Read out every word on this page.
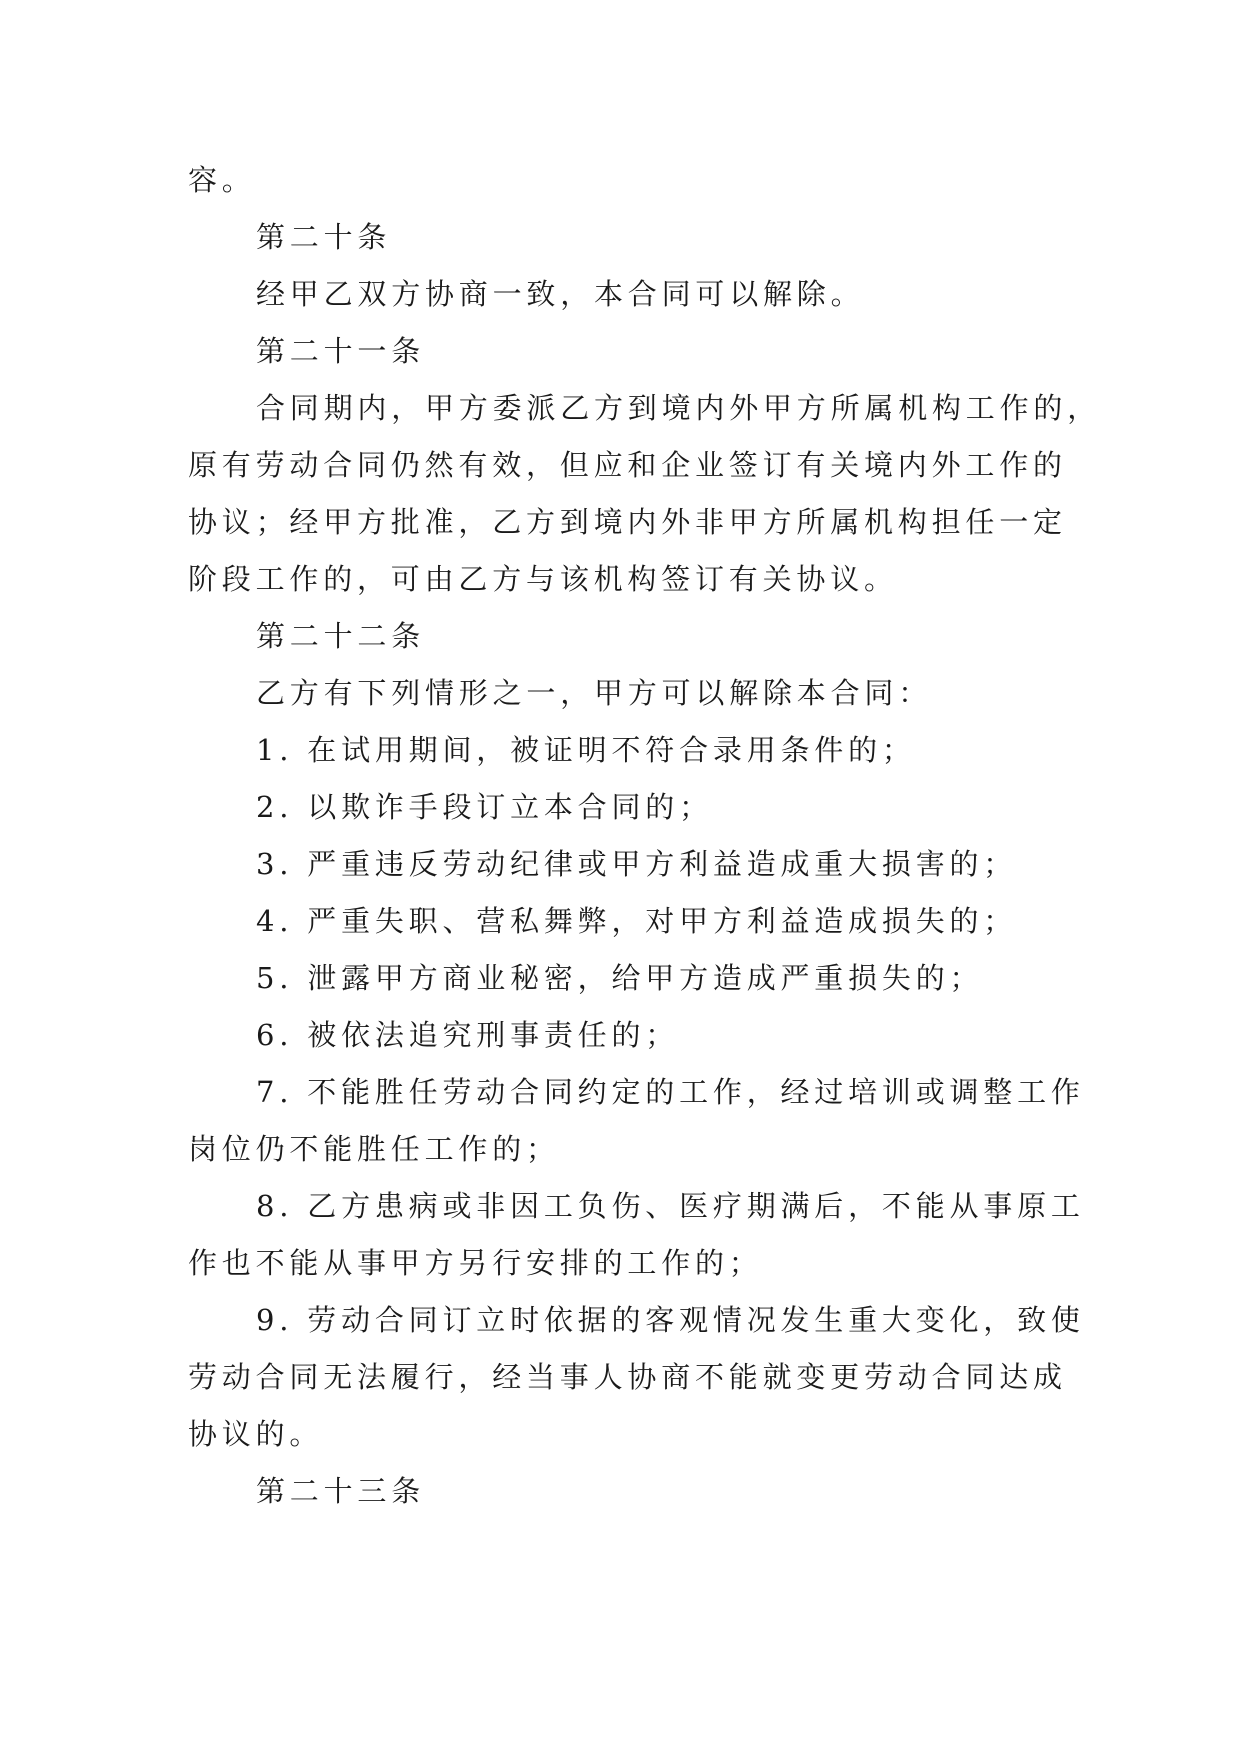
容。
第二十条
经甲乙双方协商一致，本合同可以解除。
第二十一条
合同期内，甲方委派乙方到境内外甲方所属机构工作的，
原有劳动合同仍然有效，但应和企业签订有关境内外工作的
协议；经甲方批准，乙方到境内外非甲方所属机构担任一定
阶段工作的，可由乙方与该机构签订有关协议。
第二十二条
乙方有下列情形之一，甲方可以解除本合同：
1. 在试用期间，被证明不符合录用条件的；
2. 以欺诈手段订立本合同的；
3. 严重违反劳动纪律或甲方利益造成重大损害的；
4. 严重失职、营私舞弊，对甲方利益造成损失的；
5. 泄露甲方商业秘密，给甲方造成严重损失的；
6. 被依法追究刑事责任的；
7. 不能胜任劳动合同约定的工作，经过培训或调整工作
岗位仍不能胜任工作的；
8. 乙方患病或非因工负伤、医疗期满后，不能从事原工
作也不能从事甲方另行安排的工作的；
9. 劳动合同订立时依据的客观情况发生重大变化，致使
劳动合同无法履行，经当事人协商不能就变更劳动合同达成
协议的。
第二十三条
